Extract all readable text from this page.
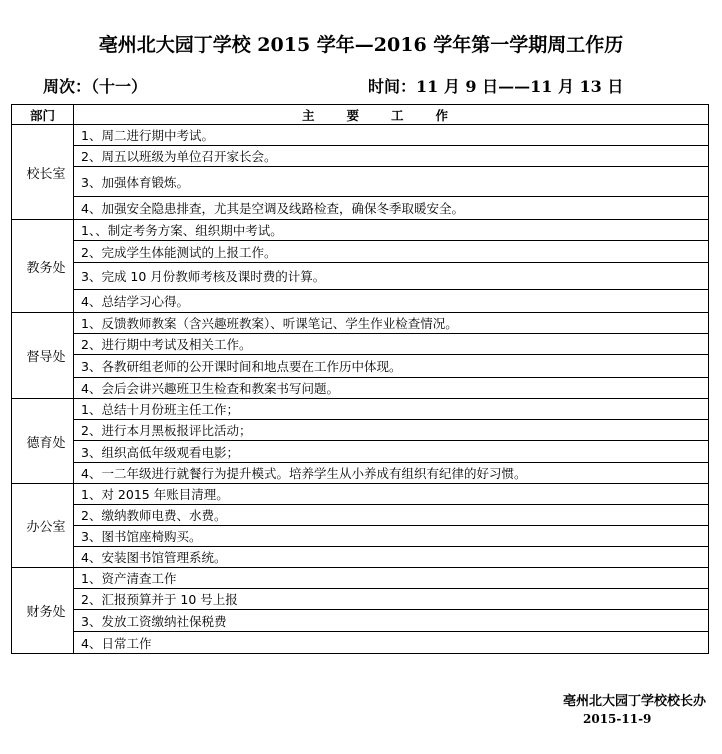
亳州北大园丁学校 2015 学年—2016 学年第一学期周工作历
周次：（十一）	时间：11 月 9 日——11 月 13 日
部门	主要工作
校长室	1、周二进行期中考试。
	2、周五以班级为单位召开家长会。
	3、加强体育锻炼。
	4、加强安全隐患排查，尤其是空调及线路检查，确保冬季取暖安全。
教务处	1、、制定考务方案、组织期中考试。
	2、完成学生体能测试的上报工作。
	3、完成 10 月份教师考核及课时费的计算。
	4、总结学习心得。
督导处	1、反馈教师教案（含兴趣班教案）、听课笔记、学生作业检查情况。
	2、进行期中考试及相关工作。
	3、各教研组老师的公开课时间和地点要在工作历中体现。
	4、会后会讲兴趣班卫生检查和教案书写问题。
德育处	1、总结十月份班主任工作；
	2、进行本月黑板报评比活动；
	3、组织高低年级观看电影；
	4、一二年级进行就餐行为提升模式。培养学生从小养成有组织有纪律的好习惯。
办公室	1、对 2015 年账目清理。
	2、缴纳教师电费、水费。
	3、图书馆座椅购买。
	4、安装图书馆管理系统。
财务处	1、资产清查工作
	2、汇报预算并于 10 号上报
	3、发放工资缴纳社保税费
	4、日常工作
亳州北大园丁学校校长办
2015-11-9
